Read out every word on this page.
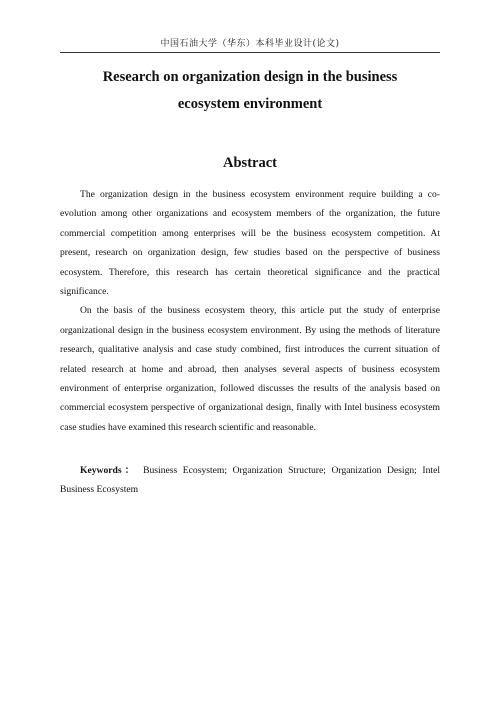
中国石油大学（华东）本科毕业设计(论文)
Research on organization design in the business
ecosystem environment
Abstract

The organization design in the business ecosystem environment require building a co-evolution among other organizations and ecosystem members of the organization, the future commercial competition among enterprises will be the business ecosystem competition. At present, research on organization design, few studies based on the perspective of business ecosystem. Therefore, this research has certain theoretical significance and the practical significance.

On the basis of the business ecosystem theory, this article put the study of enterprise organizational design in the business ecosystem environment. By using the methods of literature research, qualitative analysis and case study combined, first introduces the current situation of related research at home and abroad, then analyses several aspects of business ecosystem environment of enterprise organization, followed discusses the results of the analysis based on commercial ecosystem perspective of organizational design, finally with Intel business ecosystem case studies have examined this research scientific and reasonable.

Keywords： Business Ecosystem; Organization Structure; Organization Design; Intel Business Ecosystem
